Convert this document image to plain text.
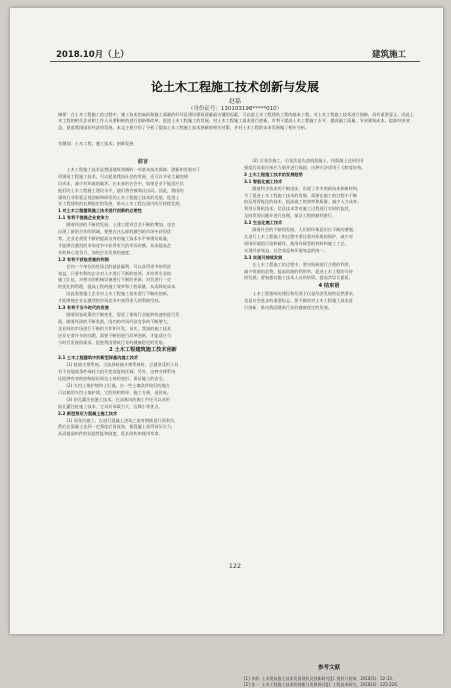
2018.10月（上）	建筑施工
论土木工程施工技术创新与发展
赵磊
（身份证号：130103198*****010）
摘要：在土木工程施工的过程中，施工技术的高低和施工质量的好坏是建设建筑质量最关键的因素，可以说土木工程建筑工程的基本工程。对土木工程施工技术进行创新，具有重要意义。因此土木工程的相关企业和工作人员要积极的进行创新和改革，促进土木工程施工的发展。对土木工程施工技术进行创新，有利于提高土木工程施工水平，提高施工质量，节省建筑成本，提高经济效益，促进我国国民经济的发展。本文主要介绍了分析了提高土木工程施工技术创新的相关对策，并对土木工程的未来发展做了相应分析。
关键词：土木工程；施工技术；创新发展
前言
　　土木工程施工技术是我国建筑领域的一项基本技术保障，创新和发展对于
用建筑工程施工技术，可以促进我国社会的发展，还可以节省大量的建
设成本，减少对环境的破坏。在未来的社会中，如果企业不能适应其
他们的土木工程施工建设水平，他们将会被淘汰出局。因此，我国的
建筑行业需要正视创新和研发的土木工程施工技术的发展，促进土
木工程建筑的长期稳定的发展，推动土木工程在国内的可持续发展。
1 对土木工程建筑施工技术进行创新的必要性
1.1 有利于提高企业竞争力
　　随着经济的不断的发展，土建工程项目会不断的增加，也会
出现了新的合作的领域，要想在这么样的激烈的市场中获得优
势，企业必须要不断的提高自身的施工技术水平和建设质量，
才能够在激烈的市场竞争中获得更大的市场份额，从而提高企
业的核心竞争力，加快企业发展的速度。
1.2 有利于获取更高的利润
　　任何一个单位的性质目的就是赢利，可以获得更多的经济
效益，只要有利的企业对人才进行不断的培养，并培养专业的
施工队伍，对相关的机械设备进行不断的更新，对其进行一定
的优化和管理，提高工程的施工效率和工程质量，从而降低成本。
　　因此需要施工企业对土木工程施工技术进行不断的创新，
才能够使企业在激烈的市场竞争中获得更大的利润空间。
1.3 有利于当今时代的发展
　　随着国家政策的不断变化，促进了建筑行业能够快速的进行发
展，随着经济的不断发展，国内的市场经济竞争的不断增大，
企业间的市场进行不断的合作和开发。首先，我国的施工技术
还存在着许多的问题，需要不断的进行改革创新，才能适应当
今时代发展的需求，促进我国建筑行业的健康稳定的发展。
2 土木工程建筑施工技术创新
2.1 土木工程建筑中的新型深基坑施工技术
　　(1) 桩锚支撑系统。当选择桩锚支撑系统时，它通常适用于具
有不良地质条件或较大的开挖深度的区域。另外，这种支撑系统
还能够有效的控制基坑周边土体的变形，保证施工的安全。
　　(2) 支挡土墙护坡和土钉墙。在一些土壤条件较好的地方
可以使用支挡土墙护坡，它的结构简单、施工方便，造价低。
　　(3) 钻孔灌注桩施工技术。在深基坑的施工中还可以采用
钻孔灌注桩施工技术，它具有承载力大、沉降小等优点。
2.2 新型预应力混凝土施工技术
　　(1) 预张拉施工。在进行混凝土浇筑之前对钢筋进行预张拉，
然后在混凝土达到一定强度后再放张，使混凝土获得预压应力，
从而提高构件的抗裂性能和刚度，延长结构的使用寿命。
　　(2) 后张法施工。后张法是先浇筑混凝土，待混凝土达到设计
强度后再张拉预应力筋并进行锚固，这种方法适用于大跨度结构。
3 土木工程施工技术的发展趋势
3.1 智能化施工技术
　　随着科学技术的不断进步，出现了许多的新技术和新材料，
为了促进土木工程施工技术的发展，需要在施工的过程中不断
的运用智能化的技术，提高施工的效率和质量，减少人力成本。
利用计算机技术、信息技术等对施工过程进行实时的监控，
及时发现问题并进行处理，保证工程的顺利进行。
3.2 生态化施工技术
　　随着社会的不断的发展，人们的环保意识在不断的增强，
在进行土木工程施工的过程中要注重对环境的保护，减少对
周围环境的污染和破坏，使用环保型的材料和施工工艺，
实现经济效益、社会效益和环境效益的统一。
3.3 实现可持续发展
　　在土木工程施工的过程中，要对资源进行合理的利用，
减少资源的浪费，提高资源的利用率，促进土木工程的可持
续发展。要加强对施工技术人员的培训，提高其综合素质。
4 结束语
　　土木工程建筑的建设和发展不仅是经济发展的必然要求，
也是社会进步的重要标志。要不断的对土木工程施工技术进
行创新，推动我国建筑行业的健康稳定的发展。
参考文献
[1] 李勇. 土木建筑施工技术发展现状及创新研究[J]. 建材与装饰，2018(5)：32-33.
[2] 张一. 土木工程施工技术的创新与发展探讨[J]. 工程技术研究，2018(3)：225-226.
122
